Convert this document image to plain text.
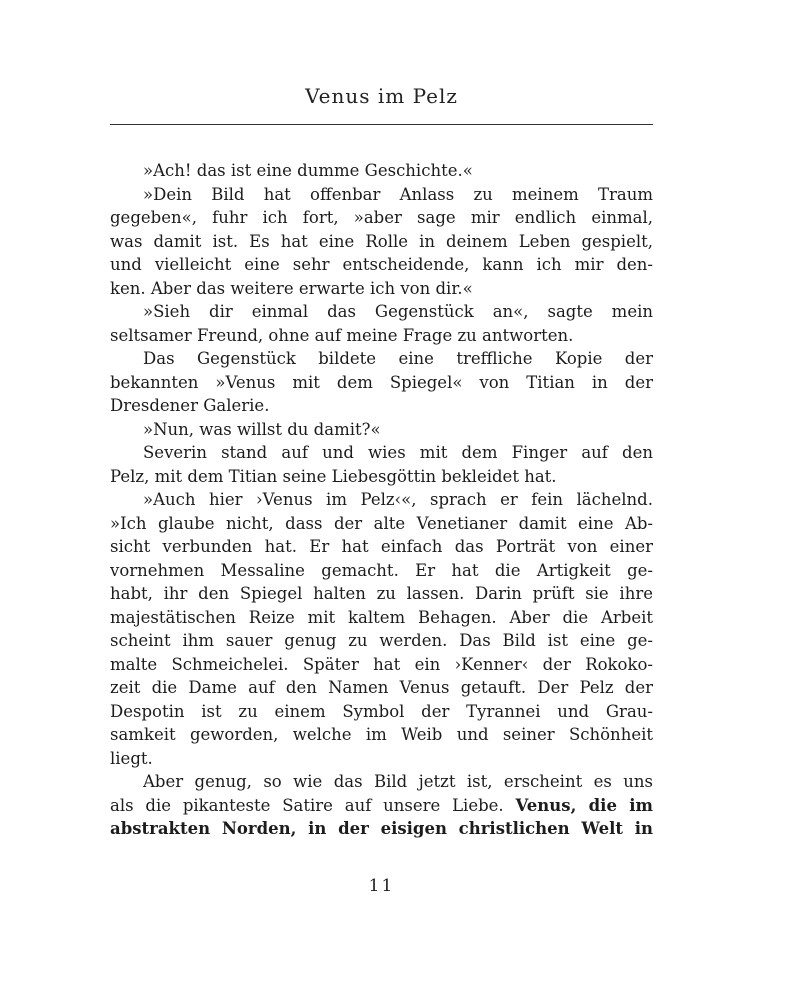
Venus im Pelz
»Ach! das ist eine dumme Geschichte.«
»Dein Bild hat offenbar Anlass zu meinem Traum
gegeben«, fuhr ich fort, »aber sage mir endlich einmal,
was damit ist. Es hat eine Rolle in deinem Leben gespielt,
und vielleicht eine sehr entscheidende, kann ich mir den-
ken. Aber das weitere erwarte ich von dir.«
»Sieh dir einmal das Gegenstück an«, sagte mein
seltsamer Freund, ohne auf meine Frage zu antworten.
Das Gegenstück bildete eine treffliche Kopie der
bekannten »Venus mit dem Spiegel« von Titian in der
Dresdener Galerie.
»Nun, was willst du damit?«
Severin stand auf und wies mit dem Finger auf den
Pelz, mit dem Titian seine Liebesgöttin bekleidet hat.
»Auch hier ›Venus im Pelz‹«, sprach er fein lächelnd.
»Ich glaube nicht, dass der alte Venetianer damit eine Ab-
sicht verbunden hat. Er hat einfach das Porträt von einer
vornehmen Messaline gemacht. Er hat die Artigkeit ge-
habt, ihr den Spiegel halten zu lassen. Darin prüft sie ihre
majestätischen Reize mit kaltem Behagen. Aber die Arbeit
scheint ihm sauer genug zu werden. Das Bild ist eine ge-
malte Schmeichelei. Später hat ein ›Kenner‹ der Rokoko-
zeit die Dame auf den Namen Venus getauft. Der Pelz der
Despotin ist zu einem Symbol der Tyrannei und Grau-
samkeit geworden, welche im Weib und seiner Schönheit
liegt.
Aber genug, so wie das Bild jetzt ist, erscheint es uns
als die pikanteste Satire auf unsere Liebe. Venus, die im
abstrakten Norden, in der eisigen christlichen Welt in
11
